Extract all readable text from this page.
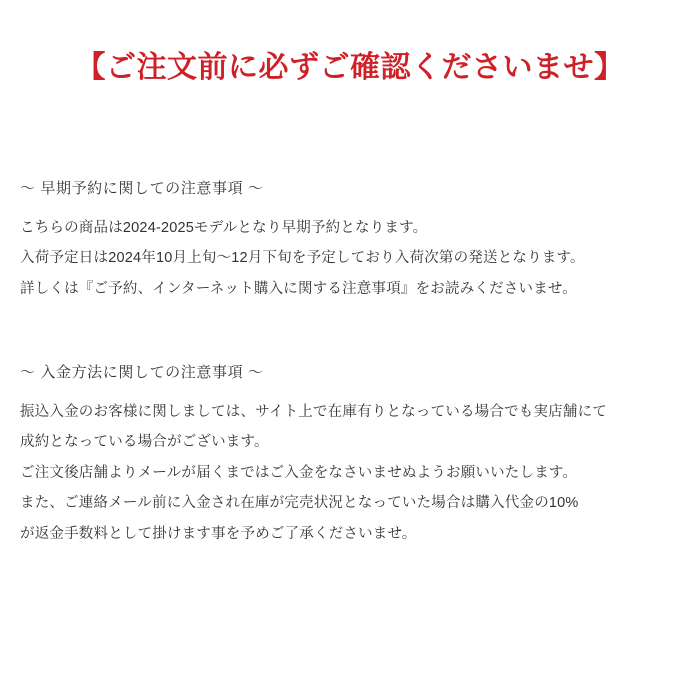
【ご注文前に必ずご確認くださいませ】
〜 早期予約に関しての注意事項 〜

こちらの商品は2024-2025モデルとなり早期予約となります。

入荷予定日は2024年10月上旬〜12月下旬を予定しており入荷次第の発送となります。

詳しくは『ご予約、インターネット購入に関する注意事項』をお読みくださいませ。

〜 入金方法に関しての注意事項 〜

振込入金のお客様に関しましては、サイト上で在庫有りとなっている場合でも実店舗にて

成約となっている場合がございます。

ご注文後店舗よりメールが届くまではご入金をなさいませぬようお願いいたします。

また、ご連絡メール前に入金され在庫が完売状況となっていた場合は購入代金の10%

が返金手数料として掛けます事を予めご了承くださいませ。
